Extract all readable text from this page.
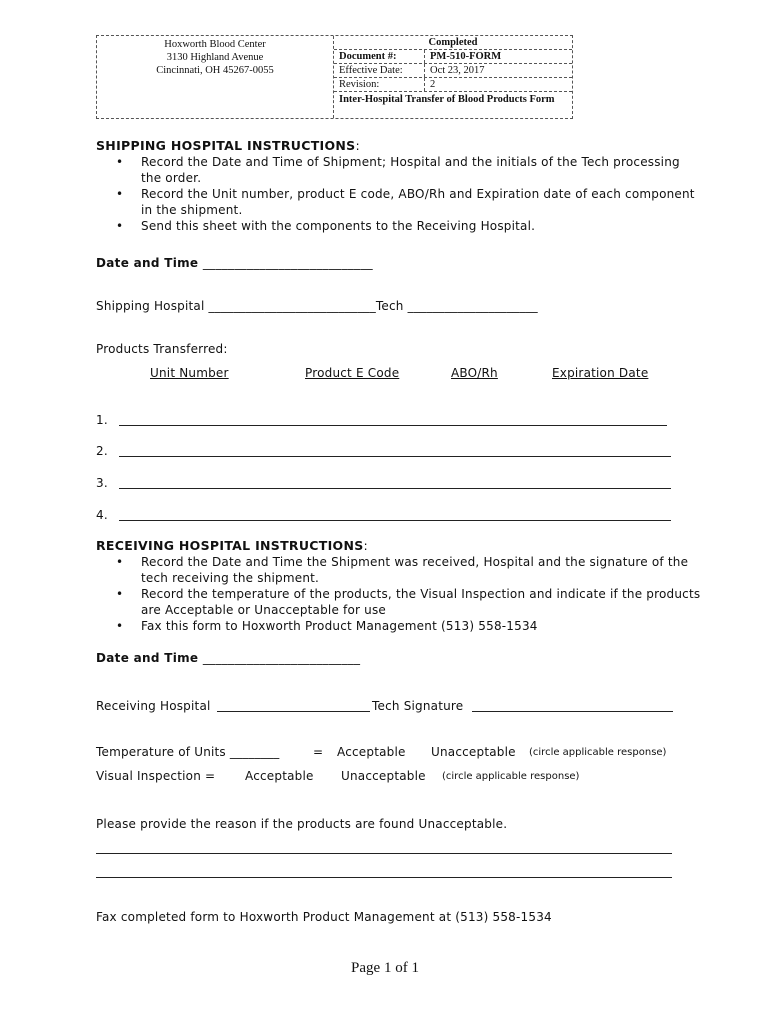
Hoxworth Blood Center
3130 Highland Avenue
Cincinnati, OH 45267-0055
Completed
Document #:	PM-510-FORM
Effective Date:	Oct 23, 2017
Revision:	2
Inter-Hospital Transfer of Blood Products Form
SHIPPING HOSPITAL INSTRUCTIONS:
• Record the Date and Time of Shipment; Hospital and the initials of the Tech processing the order.
• Record the Unit number, product E code, ABO/Rh and Expiration date of each component in the shipment.
• Send this sheet with the components to the Receiving Hospital.
Date and Time ___________________________
Shipping Hospital ___________________________Tech _____________________
Products Transferred:
Unit Number	Product E Code	ABO/Rh	Expiration Date
1.
2.
3.
4.
RECEIVING HOSPITAL INSTRUCTIONS:
• Record the Date and Time the Shipment was received, Hospital and the signature of the tech receiving the shipment.
• Record the temperature of the products, the Visual Inspection and indicate if the products are Acceptable or Unacceptable for use
• Fax this form to Hoxworth Product Management (513) 558-1534
Date and Time _________________________
Receiving Hospital	Tech Signature
Temperature of Units ________	= Acceptable Unacceptable (circle applicable response)
Visual Inspection = Acceptable Unacceptable (circle applicable response)
Please provide the reason if the products are found Unacceptable.
Fax completed form to Hoxworth Product Management at (513) 558-1534
Page 1 of 1
